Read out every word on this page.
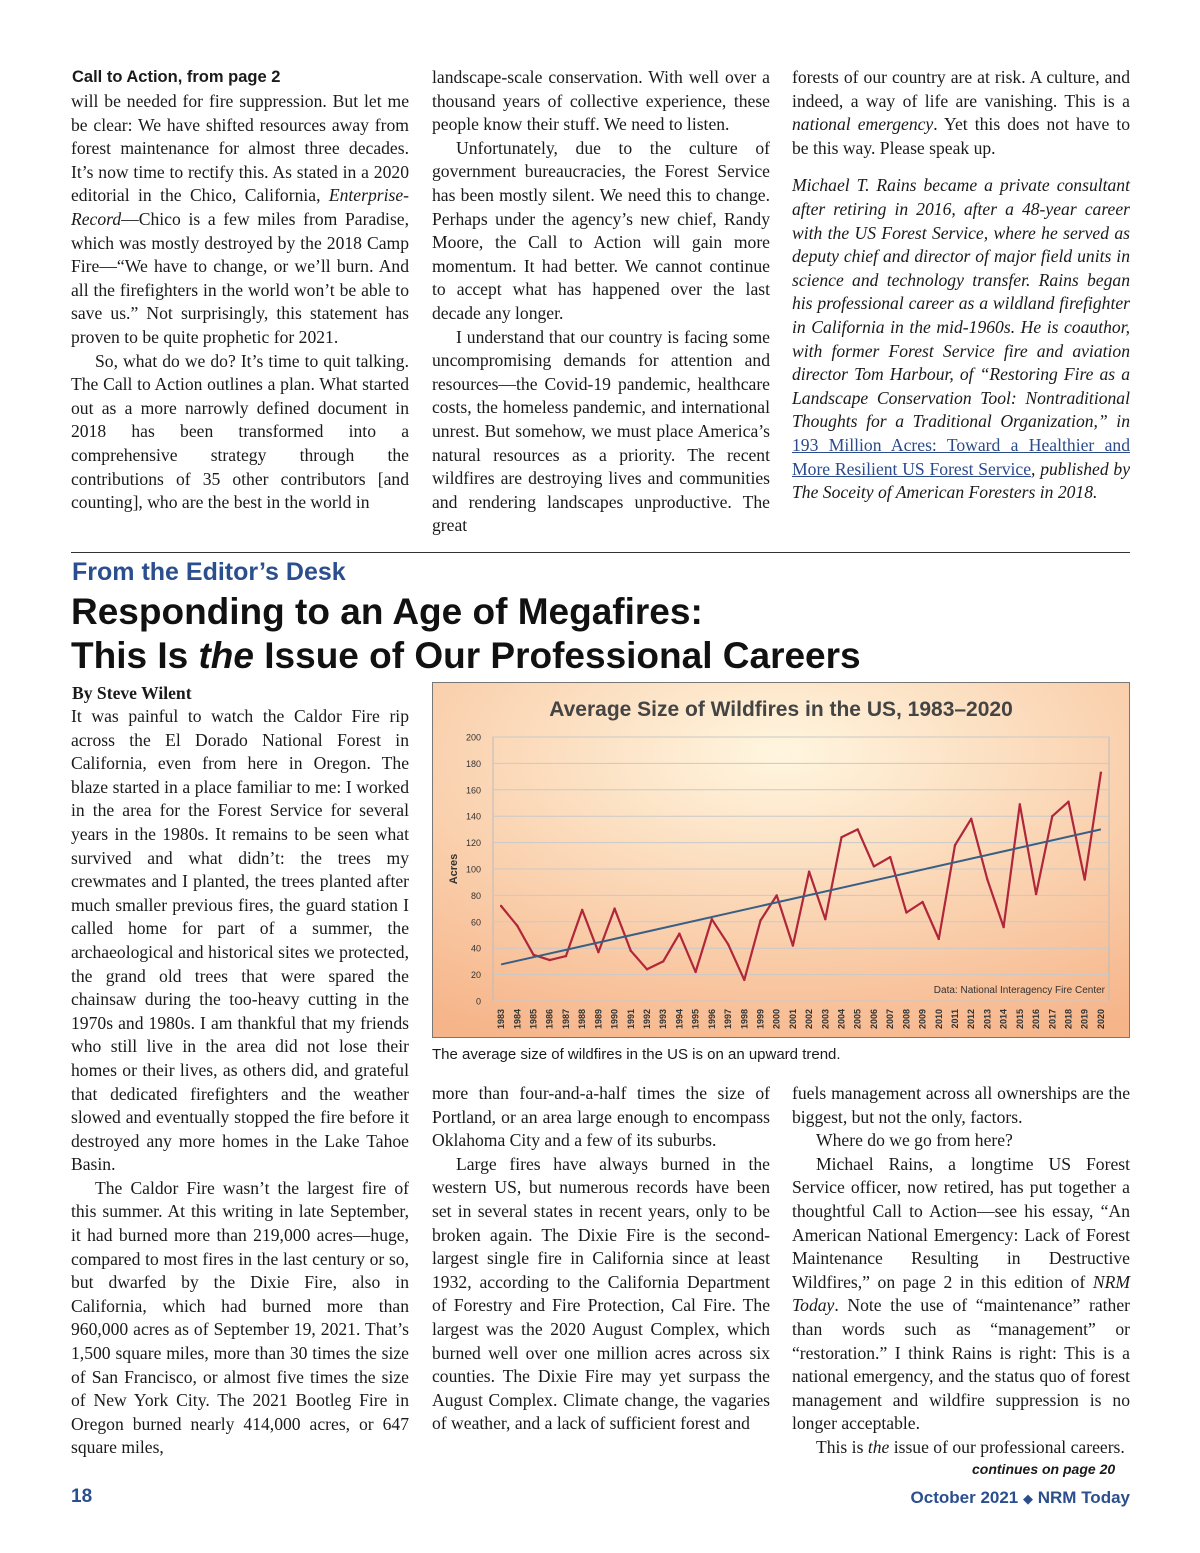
Call to Action, from page 2

will be needed for fire suppression. But let me be clear: We have shifted resources away from forest maintenance for almost three decades. It’s now time to rectify this. As stated in a 2020 editorial in the Chico, California, Enterprise-Record—Chico is a few miles from Paradise, which was mostly destroyed by the 2018 Camp Fire—“We have to change, or we’ll burn. And all the firefighters in the world won’t be able to save us.” Not surprisingly, this statement has proven to be quite prophetic for 2021.

So, what do we do? It’s time to quit talking. The Call to Action outlines a plan. What started out as a more narrowly defined document in 2018 has been transformed into a comprehensive strategy through the contributions of 35 other contributors [and counting], who are the best in the world in

landscape-scale conservation. With well over a thousand years of collective experience, these people know their stuff. We need to listen.

Unfortunately, due to the culture of government bureaucracies, the Forest Service has been mostly silent. We need this to change. Perhaps under the agency’s new chief, Randy Moore, the Call to Action will gain more momentum. It had better. We cannot continue to accept what has happened over the last decade any longer.

I understand that our country is facing some uncompromising demands for attention and resources—the Covid-19 pandemic, healthcare costs, the homeless pandemic, and international unrest. But somehow, we must place America’s natural resources as a priority. The recent wildfires are destroying lives and communities and rendering landscapes unproductive. The great

forests of our country are at risk. A culture, and indeed, a way of life are vanishing. This is a national emergency. Yet this does not have to be this way. Please speak up.

Michael T. Rains became a private consultant after retiring in 2016, after a 48-year career with the US Forest Service, where he served as deputy chief and director of major field units in science and technology transfer. Rains began his professional career as a wildland firefighter in California in the mid-1960s. He is coauthor, with former Forest Service fire and aviation director Tom Harbour, of “Restoring Fire as a Landscape Conservation Tool: Nontraditional Thoughts for a Traditional Organization,” in 193 Million Acres: Toward a Healthier and More Resilient US Forest Service, published by The Soceity of American Foresters in 2018.

From the Editor’s Desk
Responding to an Age of Megafires:
This Is the Issue of Our Professional Careers
By Steve Wilent

It was painful to watch the Caldor Fire rip across the El Dorado National Forest in California, even from here in Oregon. The blaze started in a place familiar to me: I worked in the area for the Forest Service for several years in the 1980s. It remains to be seen what survived and what didn’t: the trees my crewmates and I planted, the trees planted after much smaller previous fires, the guard station I called home for part of a summer, the archaeological and historical sites we protected, the grand old trees that were spared the chainsaw during the too-heavy cutting in the 1970s and 1980s. I am thankful that my friends who still live in the area did not lose their homes or their lives, as others did, and grateful that dedicated firefighters and the weather slowed and eventually stopped the fire before it destroyed any more homes in the Lake Tahoe Basin.

The Caldor Fire wasn’t the largest fire of this summer. At this writing in late September, it had burned more than 219,000 acres—huge, compared to most fires in the last century or so, but dwarfed by the Dixie Fire, also in California, which had burned more than 960,000 acres as of September 19, 2021. That’s 1,500 square miles, more than 30 times the size of San Francisco, or almost five times the size of New York City. The 2021 Bootleg Fire in Oregon burned nearly 414,000 acres, or 647 square miles,

0
20
40
60
80
100
120
140
160
180
200
1983 1984 1985 1986 1987 1988 1989 1990 1991 1992 1993 1994 1995 1996 1997 1998 1999 2000 2001 2002 2003 2004 2005 2006 2007 2008 2009 2010 2011 2012 2013 2014 2015 2016 2017 2018 2019 2020
Average Size of Wildfires in the US, 1983–2020
Acres
Data: National Interagency Fire Center
The average size of wildfires in the US is on an upward trend.

more than four-and-a-half times the size of Portland, or an area large enough to encompass Oklahoma City and a few of its suburbs.

Large fires have always burned in the western US, but numerous records have been set in several states in recent years, only to be broken again. The Dixie Fire is the second-largest single fire in California since at least 1932, according to the California Department of Forestry and Fire Protection, Cal Fire. The largest was the 2020 August Complex, which burned well over one million acres across six counties. The Dixie Fire may yet surpass the August Complex. Climate change, the vagaries of weather, and a lack of sufficient forest and

fuels management across all ownerships are the biggest, but not the only, factors.

Where do we go from here?

Michael Rains, a longtime US Forest Service officer, now retired, has put together a thoughtful Call to Action—see his essay, “An American National Emergency: Lack of Forest Maintenance Resulting in Destructive Wildfires,” on page 2 in this edition of NRM Today. Note the use of “maintenance” rather than words such as “management” or “restoration.” I think Rains is right: This is a national emergency, and the status quo of forest management and wildfire suppression is no longer acceptable.

This is the issue of our professional careers.

continues on page 20
18	October 2021 ◆ NRM Today
